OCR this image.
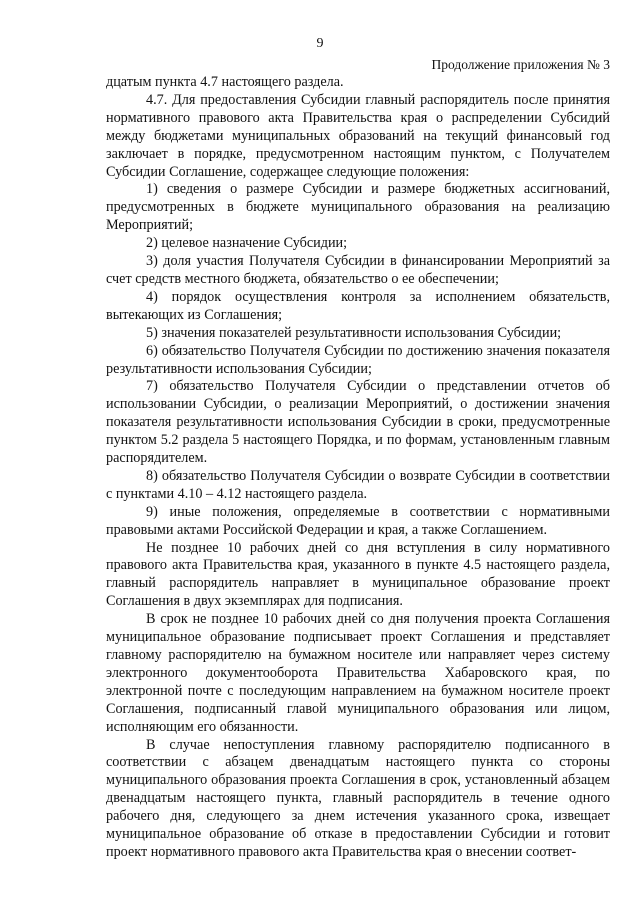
9
Продолжение приложения № 3

дцатым пункта 4.7 настоящего раздела.

4.7. Для предоставления Субсидии главный распорядитель после принятия нормативного правового акта Правительства края о распределении Субсидий между бюджетами муниципальных образований на текущий финансовый год заключает в порядке, предусмотренном настоящим пунктом, с Получателем Субсидии Соглашение, содержащее следующие положения:

1) сведения о размере Субсидии и размере бюджетных ассигнований, предусмотренных в бюджете муниципального образования на реализацию Мероприятий;

2) целевое назначение Субсидии;

3) доля участия Получателя Субсидии в финансировании Мероприятий за счет средств местного бюджета, обязательство о ее обеспечении;

4) порядок осуществления контроля за исполнением обязательств, вытекающих из Соглашения;

5) значения показателей результативности использования Субсидии;

6) обязательство Получателя Субсидии по достижению значения показателя результативности использования Субсидии;

7) обязательство Получателя Субсидии о представлении отчетов об использовании Субсидии, о реализации Мероприятий, о достижении значения показателя результативности использования Субсидии в сроки, предусмотренные пунктом 5.2 раздела 5 настоящего Порядка, и по формам, установленным главным распорядителем.

8) обязательство Получателя Субсидии о возврате Субсидии в соответствии с пунктами 4.10 – 4.12 настоящего раздела.

9) иные положения, определяемые в соответствии с нормативными правовыми актами Российской Федерации и края, а также Соглашением.

Не позднее 10 рабочих дней со дня вступления в силу нормативного правового акта Правительства края, указанного в пункте 4.5 настоящего раздела, главный распорядитель направляет в муниципальное образование проект Соглашения в двух экземплярах для подписания.

В срок не позднее 10 рабочих дней со дня получения проекта Соглашения муниципальное образование подписывает проект Соглашения и представляет главному распорядителю на бумажном носителе или направляет через систему электронного документооборота Правительства Хабаровского края, по электронной почте с последующим направлением на бумажном носителе проект Соглашения, подписанный главой муниципального образования или лицом, исполняющим его обязанности.

В случае непоступления главному распорядителю подписанного в соответствии с абзацем двенадцатым настоящего пункта со стороны муниципального образования проекта Соглашения в срок, установленный абзацем двенадцатым настоящего пункта, главный распорядитель в течение одного рабочего дня, следующего за днем истечения указанного срока, извещает муниципальное образование об отказе в предоставлении Субсидии и готовит проект нормативного правового акта Правительства края о внесении соответ-
